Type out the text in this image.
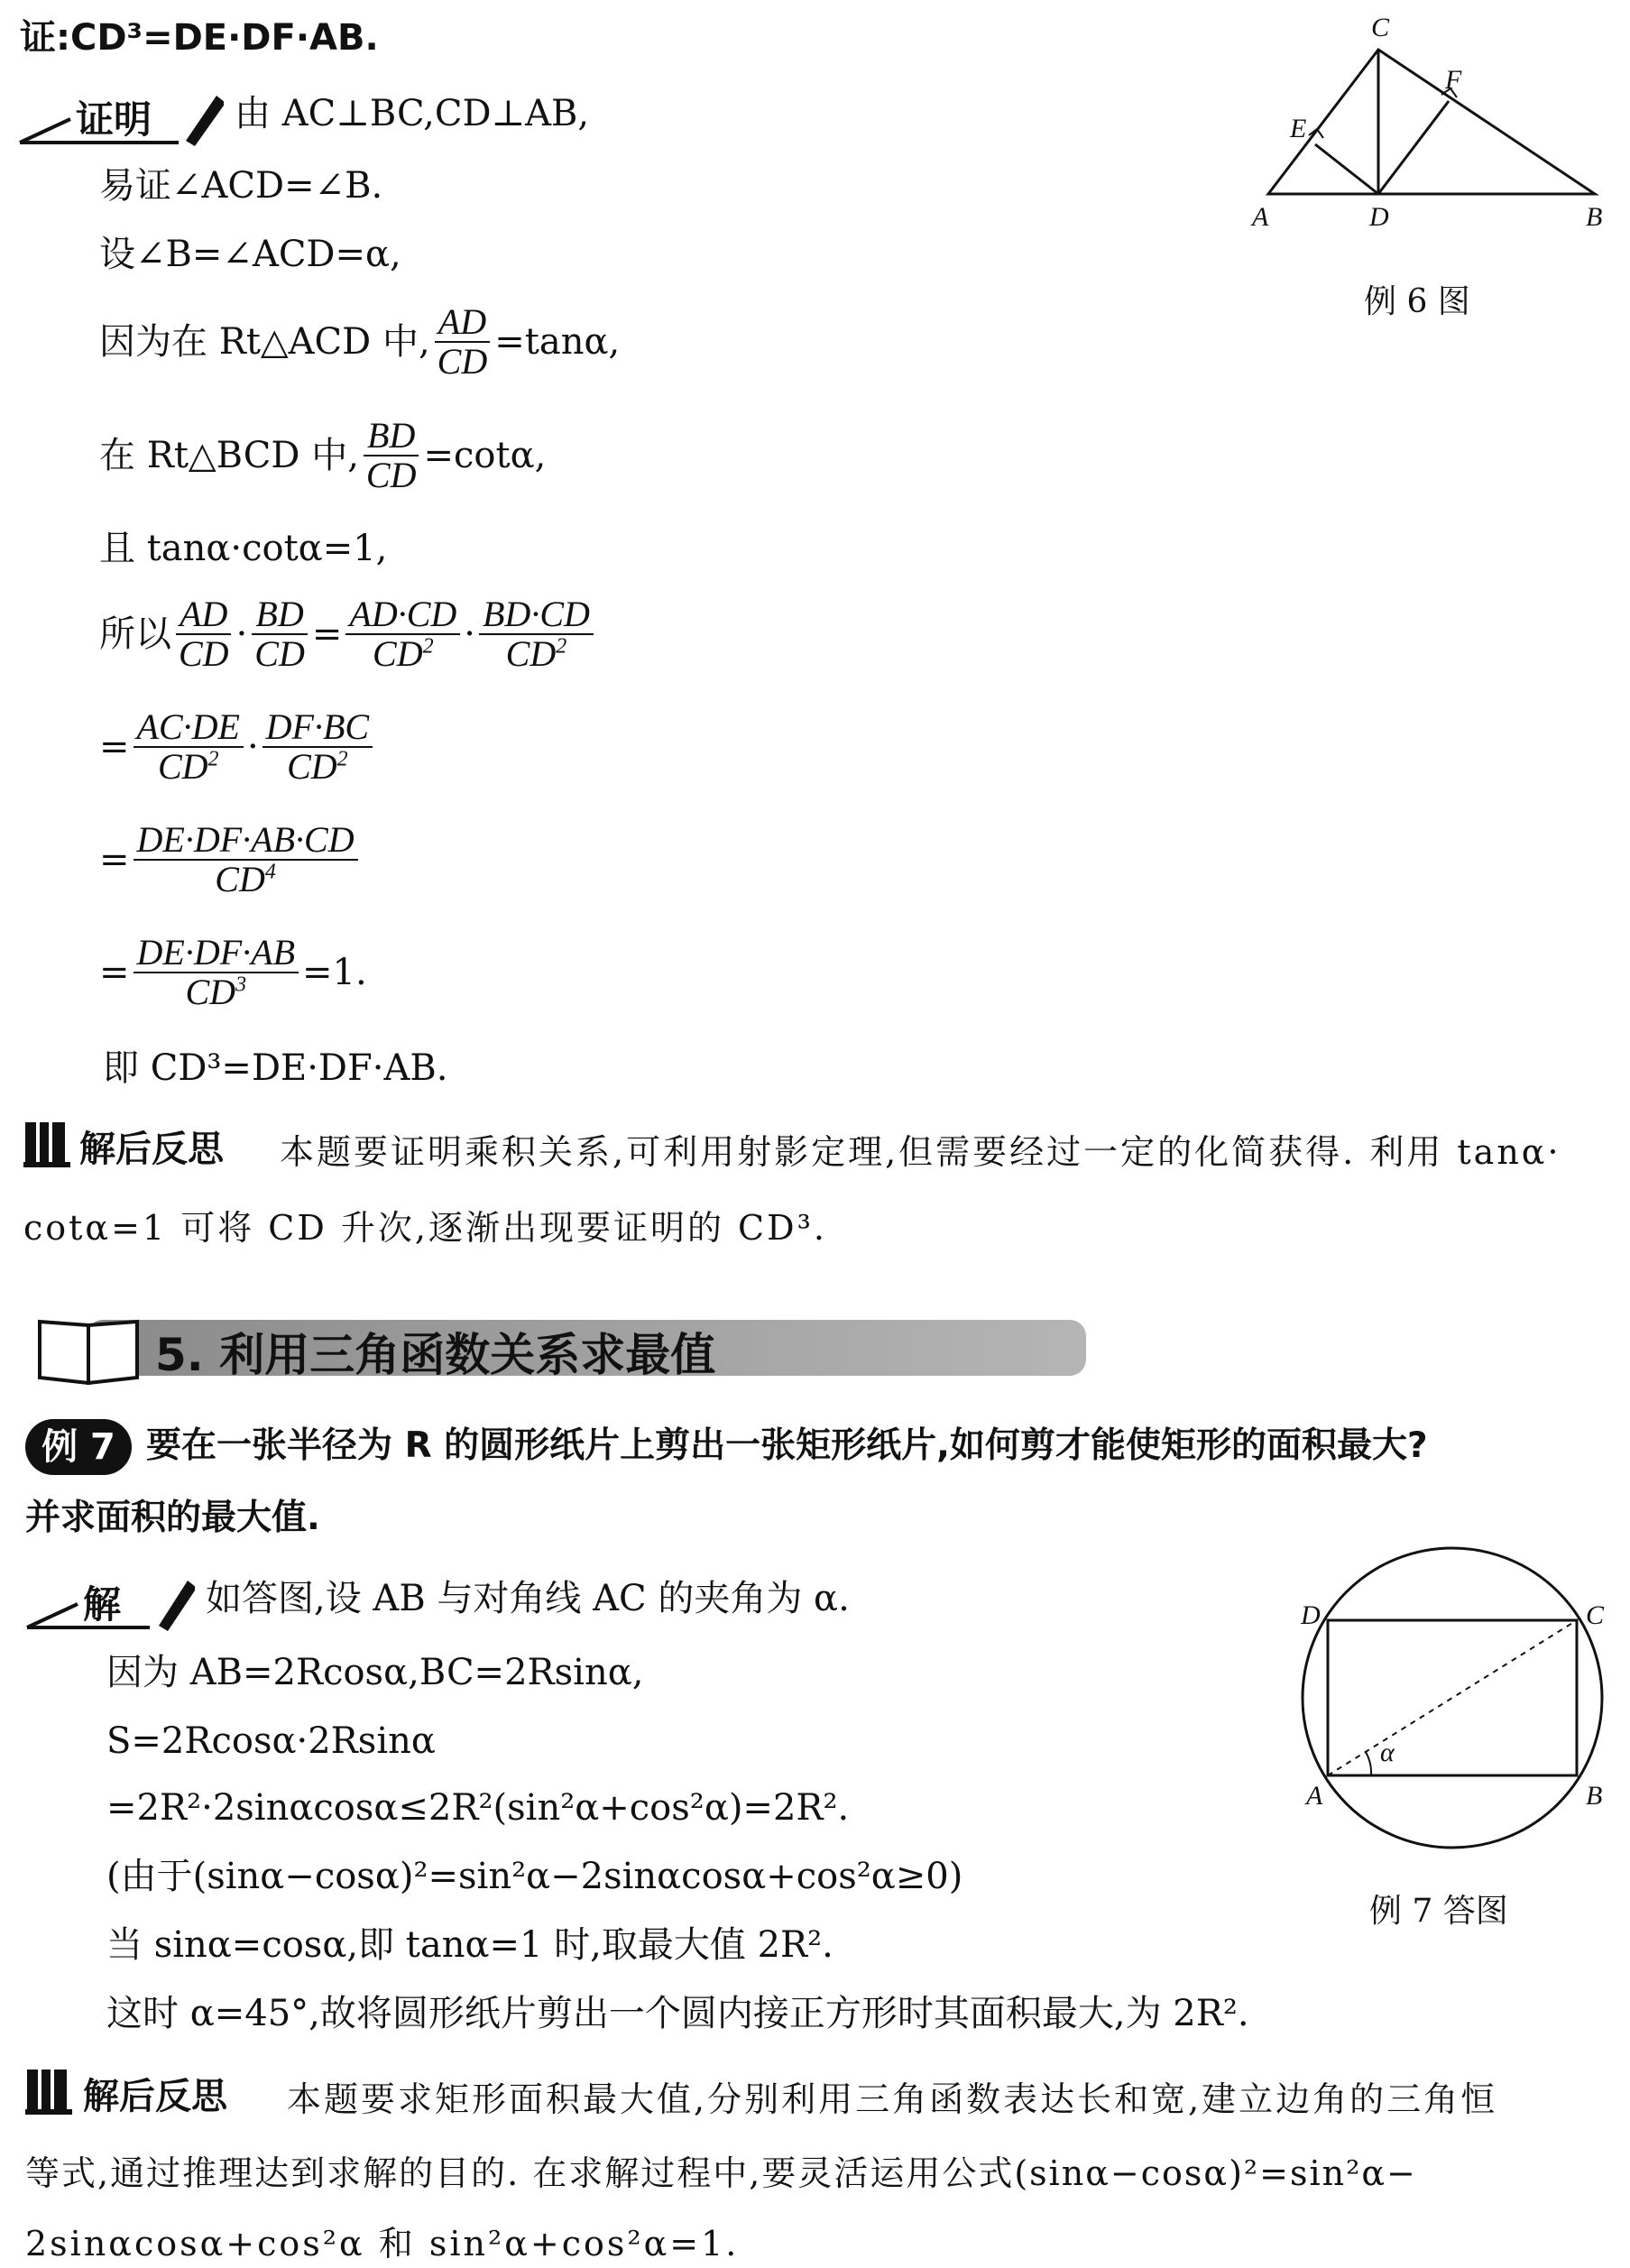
证:CD³=DE·DF·AB.
证明 由 AC⊥BC,CD⊥AB,
易证∠ACD=∠B.
设∠B=∠ACD=α,
因为在 Rt△ACD 中, $\frac{AD}{CD} =\tan\alpha$,
在 Rt△BCD 中, $\frac{BD}{CD} =\cot\alpha$,
且 tanα·cotα=1,
所以 $\frac{AD}{CD} \cdot \frac{BD}{CD} = \frac{AD\cdot CD}{CD^2} \cdot \frac{BD\cdot CD}{CD^2}$
= $\frac{AC\cdot DE}{CD^2} \cdot \frac{DF\cdot BC}{CD^2}$
= $\frac{DE\cdot DF\cdot AB\cdot CD}{CD^4}$
= $\frac{DE\cdot DF\cdot AB}{CD^3} =1$.
即 CD³=DE·DF·AB.
解后反思 本题要证明乘积关系,可利用射影定理,但需要经过一定的化简获得. 利用 tanα·
cotα=1 可将 CD 升次,逐渐出现要证明的 CD³.
C
F
E
A	D	B
例 6 图
5. 利用三角函数关系求最值
例 7 要在一张半径为 R 的圆形纸片上剪出一张矩形纸片,如何剪才能使矩形的面积最大?
并求面积的最大值.
解 如答图,设 AB 与对角线 AC 的夹角为 α.
因为 AB=2Rcosα,BC=2Rsinα,
S=2Rcosα·2Rsinα
=2R²·2sinαcosα≤2R²(sin²α+cos²α)=2R².
(由于(sinα−cosα)²=sin²α−2sinαcosα+cos²α≥0)
当 sinα=cosα,即 tanα=1 时,取最大值 2R².
这时 α=45°,故将圆形纸片剪出一个圆内接正方形时其面积最大,为 2R².
D	C
A	B
α
例 7 答图
解后反思 本题要求矩形面积最大值,分别利用三角函数表达长和宽,建立边角的三角恒
等式,通过推理达到求解的目的. 在求解过程中,要灵活运用公式(sinα−cosα)²=sin²α−
2sinαcosα+cos²α 和 sin²α+cos²α=1.
